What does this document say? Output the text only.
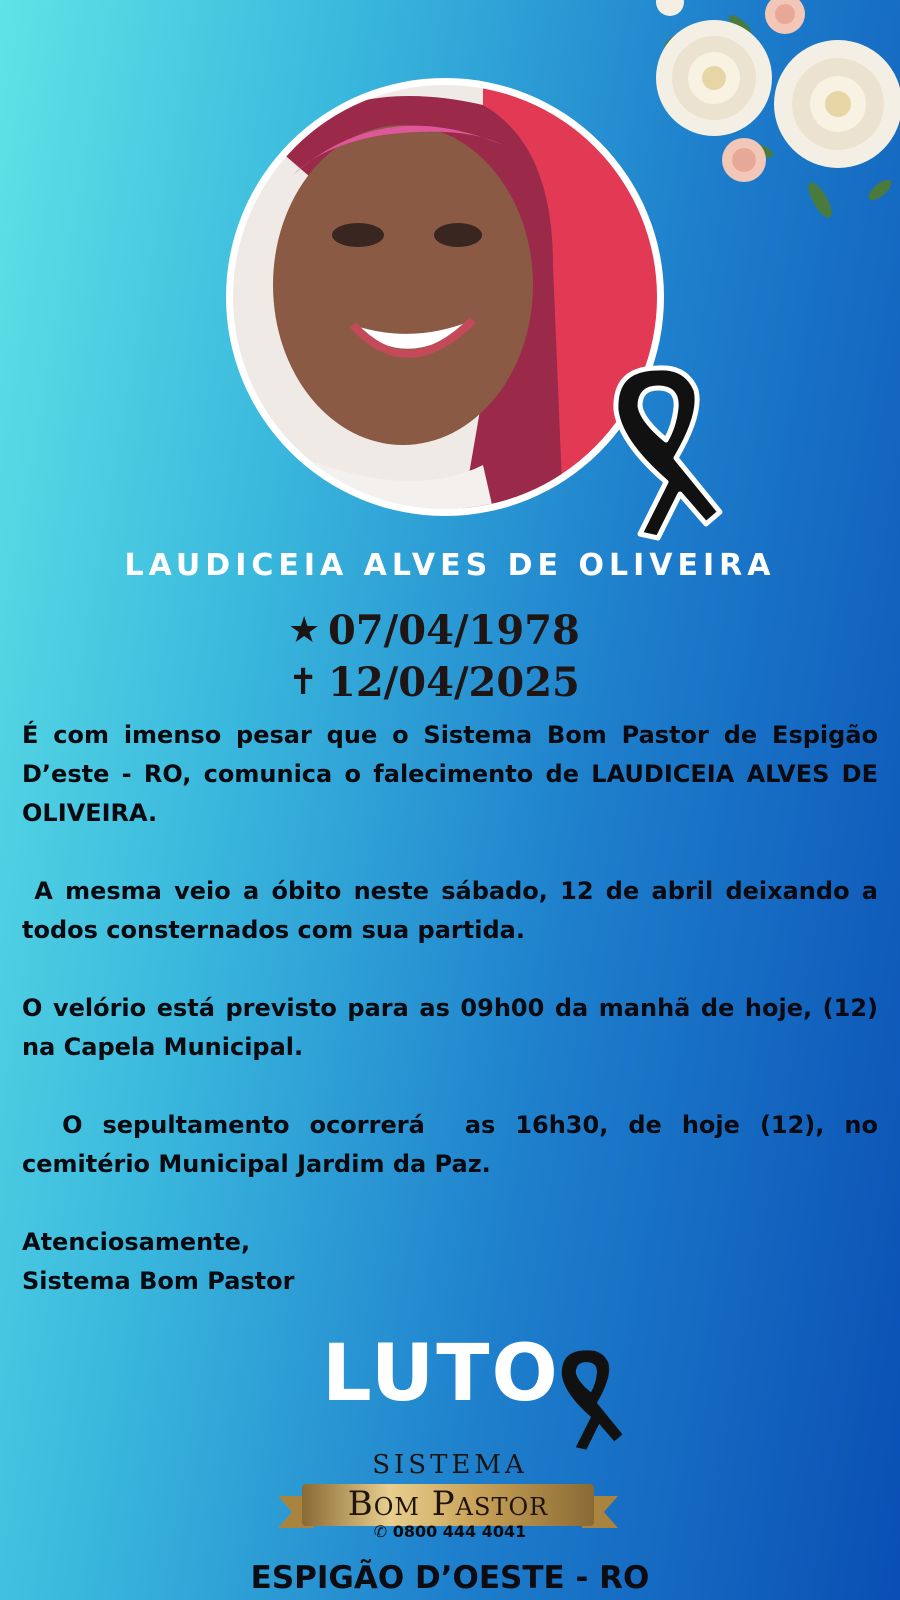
LAUDICEIA ALVES DE OLIVEIRA
★ 07/04/1978
✝ 12/04/2025

É com imenso pesar que o Sistema Bom Pastor de Espigão D’este - RO, comunica o falecimento de LAUDICEIA ALVES DE OLIVEIRA.

A mesma veio a óbito neste sábado, 12 de abril deixando a todos consternados com sua partida.

O velório está previsto para as 09h00 da manhã de hoje, (12) na Capela Municipal.

O sepultamento ocorrerá  as 16h30, de hoje (12), no cemitério Municipal Jardim da Paz.

Atenciosamente,
Sistema Bom Pastor

LUTO
SISTEMA
Bom Pastor
✆ 0800 444 4041
ESPIGÃO D’OESTE - RO
